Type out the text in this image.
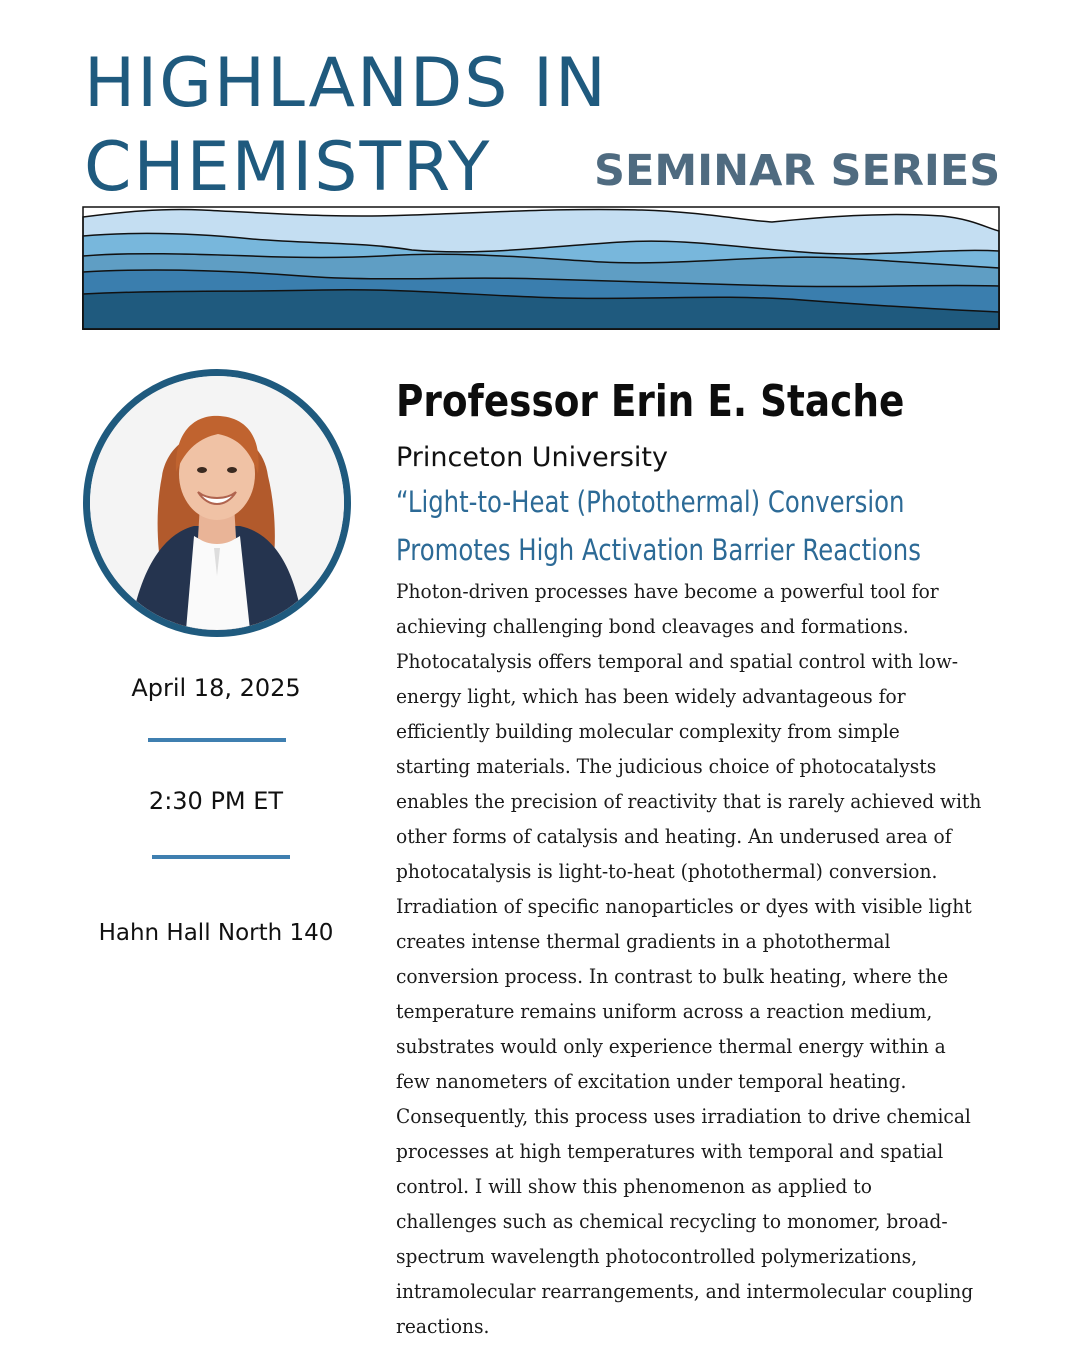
HIGHLANDS IN
CHEMISTRY SEMINAR SERIES

April 18, 2025

2:30 PM ET

Hahn Hall North 140

Professor Erin E. Stache

Princeton University

“Light-to-Heat (Photothermal) Conversion

Promotes High Activation Barrier Reactions

Photon-driven processes have become a powerful tool for
achieving challenging bond cleavages and formations.
Photocatalysis offers temporal and spatial control with low-
energy light, which has been widely advantageous for
efficiently building molecular complexity from simple
starting materials. The judicious choice of photocatalysts
enables the precision of reactivity that is rarely achieved with
other forms of catalysis and heating. An underused area of
photocatalysis is light-to-heat (photothermal) conversion.
Irradiation of specific nanoparticles or dyes with visible light
creates intense thermal gradients in a photothermal
conversion process. In contrast to bulk heating, where the
temperature remains uniform across a reaction medium,
substrates would only experience thermal energy within a
few nanometers of excitation under temporal heating.
Consequently, this process uses irradiation to drive chemical
processes at high temperatures with temporal and spatial
control. I will show this phenomenon as applied to
challenges such as chemical recycling to monomer, broad-
spectrum wavelength photocontrolled polymerizations,
intramolecular rearrangements, and intermolecular coupling
reactions.
